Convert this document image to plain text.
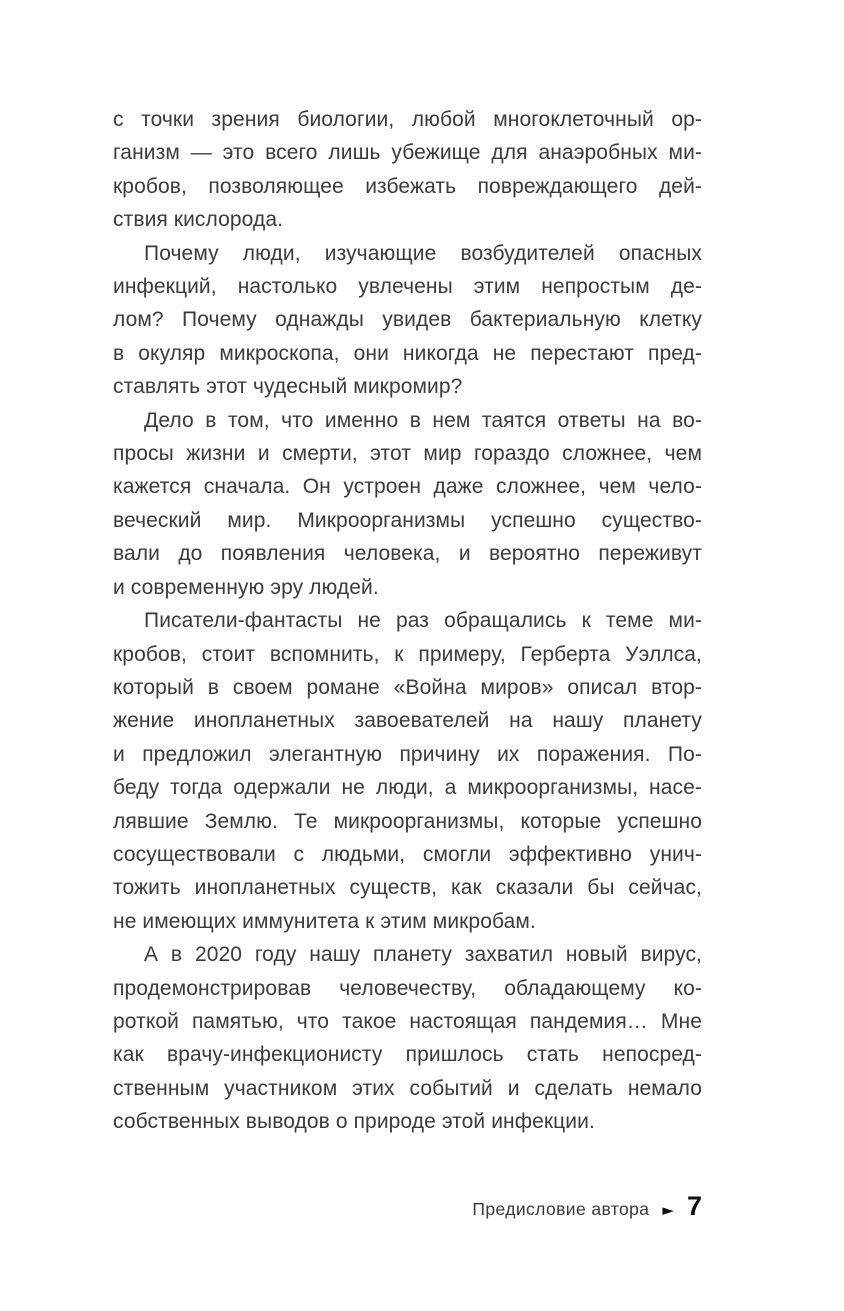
с точки зрения биологии, любой многоклеточный ор-
ганизм — это всего лишь убежище для анаэробных ми-
кробов, позволяющее избежать повреждающего дей-
ствия кислорода.
Почему люди, изучающие возбудителей опасных
инфекций, настолько увлечены этим непростым де-
лом? Почему однажды увидев бактериальную клетку
в окуляр микроскопа, они никогда не перестают пред-
ставлять этот чудесный микромир?
Дело в том, что именно в нем таятся ответы на во-
просы жизни и смерти, этот мир гораздо сложнее, чем
кажется сначала. Он устроен даже сложнее, чем чело-
веческий мир. Микроорганизмы успешно существо-
вали до появления человека, и вероятно переживут
и современную эру людей.
Писатели-фантасты не раз обращались к теме ми-
кробов, стоит вспомнить, к примеру, Герберта Уэллса,
который в своем романе «Война миров» описал втор-
жение инопланетных завоевателей на нашу планету
и предложил элегантную причину их поражения. По-
беду тогда одержали не люди, а микроорганизмы, насе-
лявшие Землю. Те микроорганизмы, которые успешно
сосуществовали с людьми, смогли эффективно унич-
тожить инопланетных существ, как сказали бы сейчас,
не имеющих иммунитета к этим микробам.
А в 2020 году нашу планету захватил новый вирус,
продемонстрировав человечеству, обладающему ко-
роткой памятью, что такое настоящая пандемия… Мне
как врачу-инфекционисту пришлось стать непосред-
ственным участником этих событий и сделать немало
собственных выводов о природе этой инфекции.
Предисловие автора ► 7
